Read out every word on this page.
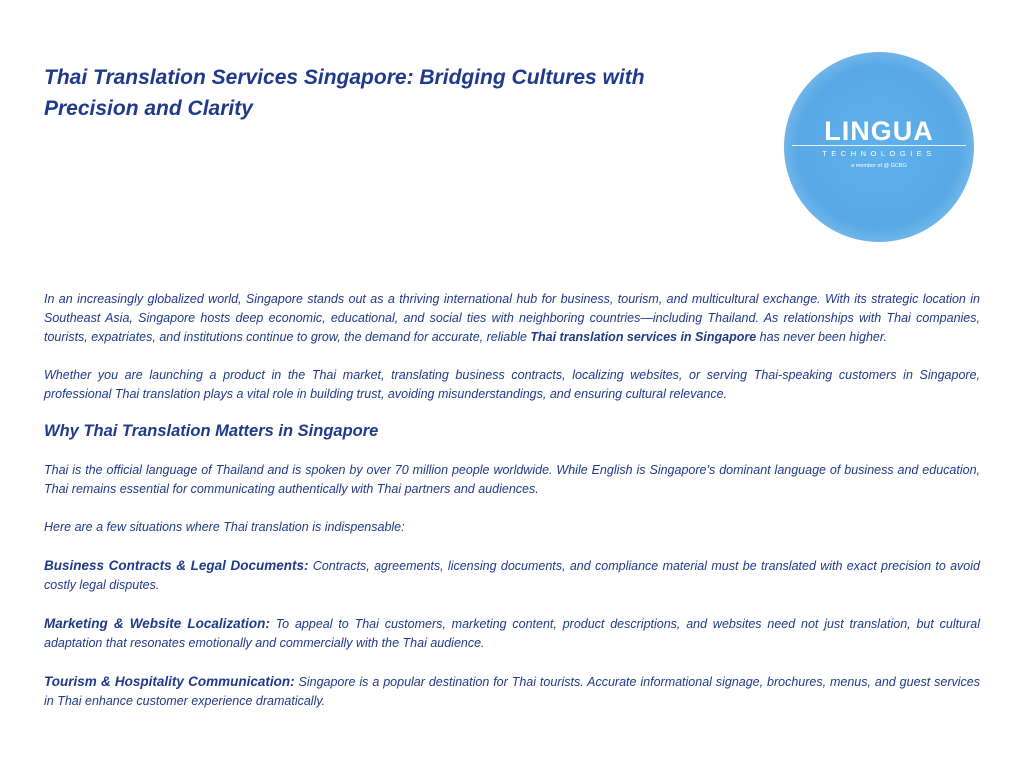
Thai Translation Services Singapore: Bridging Cultures with Precision and Clarity
LINGUA
TECHNOLOGIES
a member of @ GCBG

In an increasingly globalized world, Singapore stands out as a thriving international hub for business, tourism, and multicultural exchange. With its strategic location in Southeast Asia, Singapore hosts deep economic, educational, and social ties with neighboring countries—including Thailand. As relationships with Thai companies, tourists, expatriates, and institutions continue to grow, the demand for accurate, reliable Thai translation services in Singapore has never been higher.

Whether you are launching a product in the Thai market, translating business contracts, localizing websites, or serving Thai-speaking customers in Singapore, professional Thai translation plays a vital role in building trust, avoiding misunderstandings, and ensuring cultural relevance.

Why Thai Translation Matters in Singapore

Thai is the official language of Thailand and is spoken by over 70 million people worldwide. While English is Singapore’s dominant language of business and education, Thai remains essential for communicating authentically with Thai partners and audiences.

Here are a few situations where Thai translation is indispensable:

Business Contracts & Legal Documents: Contracts, agreements, licensing documents, and compliance material must be translated with exact precision to avoid costly legal disputes.

Marketing & Website Localization: To appeal to Thai customers, marketing content, product descriptions, and websites need not just translation, but cultural adaptation that resonates emotionally and commercially with the Thai audience.

Tourism & Hospitality Communication: Singapore is a popular destination for Thai tourists. Accurate informational signage, brochures, menus, and guest services in Thai enhance customer experience dramatically.
